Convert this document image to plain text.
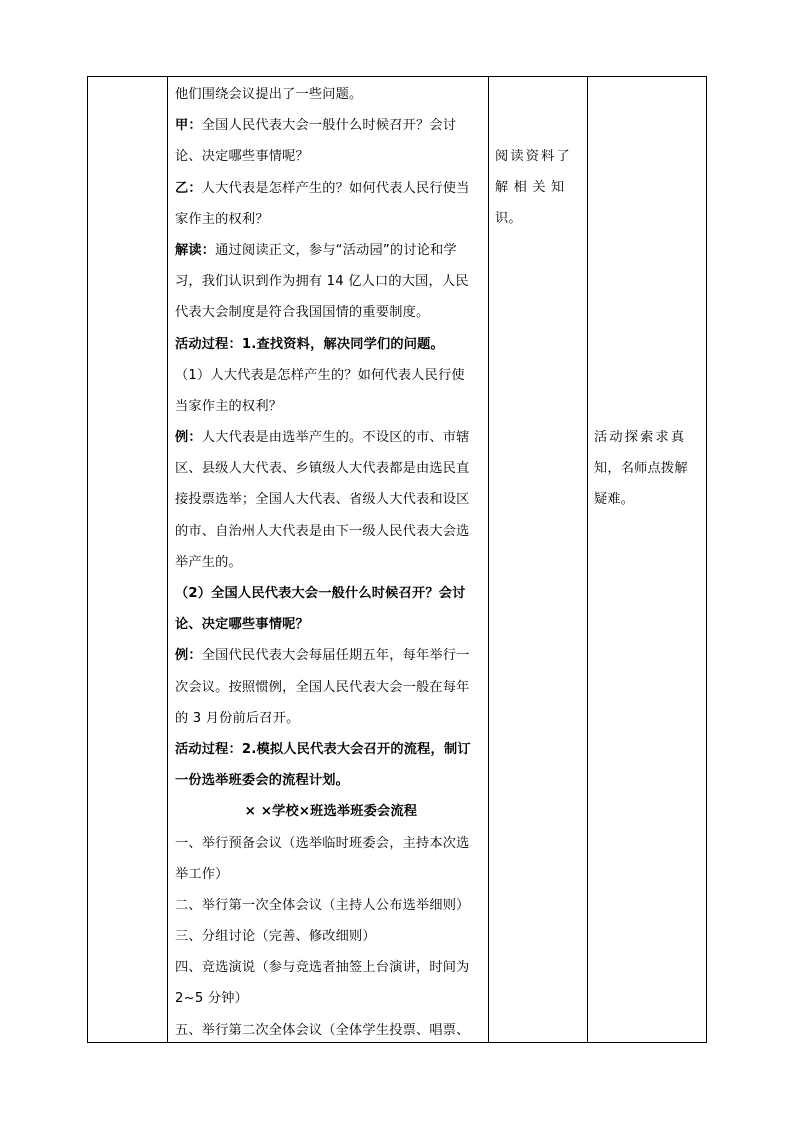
他们围绕会议提出了一些问题。
甲：全国人民代表大会一般什么时候召开？会讨
论、决定哪些事情呢？
乙：人大代表是怎样产生的？如何代表人民行使当
家作主的权利？
解读：通过阅读正文，参与“活动园”的讨论和学
习，我们认识到作为拥有 14 亿人口的大国，人民
代表大会制度是符合我国国情的重要制度。
活动过程：1.查找资料，解决同学们的问题。
（1）人大代表是怎样产生的？如何代表人民行使
当家作主的权利？
例：人大代表是由选举产生的。不设区的市、市辖
区、县级人大代表、乡镇级人大代表都是由选民直
接投票选举；全国人大代表、省级人大代表和设区
的市、自治州人大代表是由下一级人民代表大会选
举产生的。
（2）全国人民代表大会一般什么时候召开？会讨
论、决定哪些事情呢？
例：全国代民代表大会每届任期五年，每年举行一
次会议。按照惯例，全国人民代表大会一般在每年
的 3 月份前后召开。
活动过程：2.模拟人民代表大会召开的流程，制订
一份选举班委会的流程计划。
× ×学校×班选举班委会流程
一、举行预备会议（选举临时班委会，主持本次选
举工作）
二、举行第一次全体会议（主持人公布选举细则）
三、分组讨论（完善、修改细则）
四、竞选演说（参与竞选者抽签上台演讲，时间为
2~5 分钟）
五、举行第二次全体会议（全体学生投票、唱票、
阅读资料了
解相关知
识。
活动探索求真
知，名师点拨解
疑难。
